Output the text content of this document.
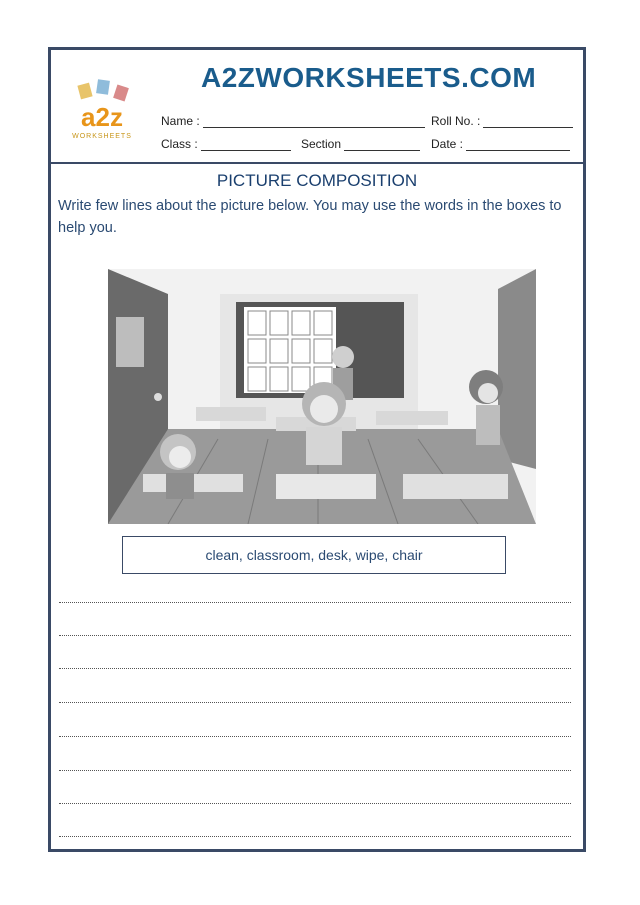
a2z
WORKSHEETS
A2ZWORKSHEETS.COM
Name :	Roll No. :
Class :	Section	Date :
PICTURE COMPOSITION
Write few lines about the picture below. You may use the words in the boxes to help you.
clean, classroom, desk, wipe, chair
